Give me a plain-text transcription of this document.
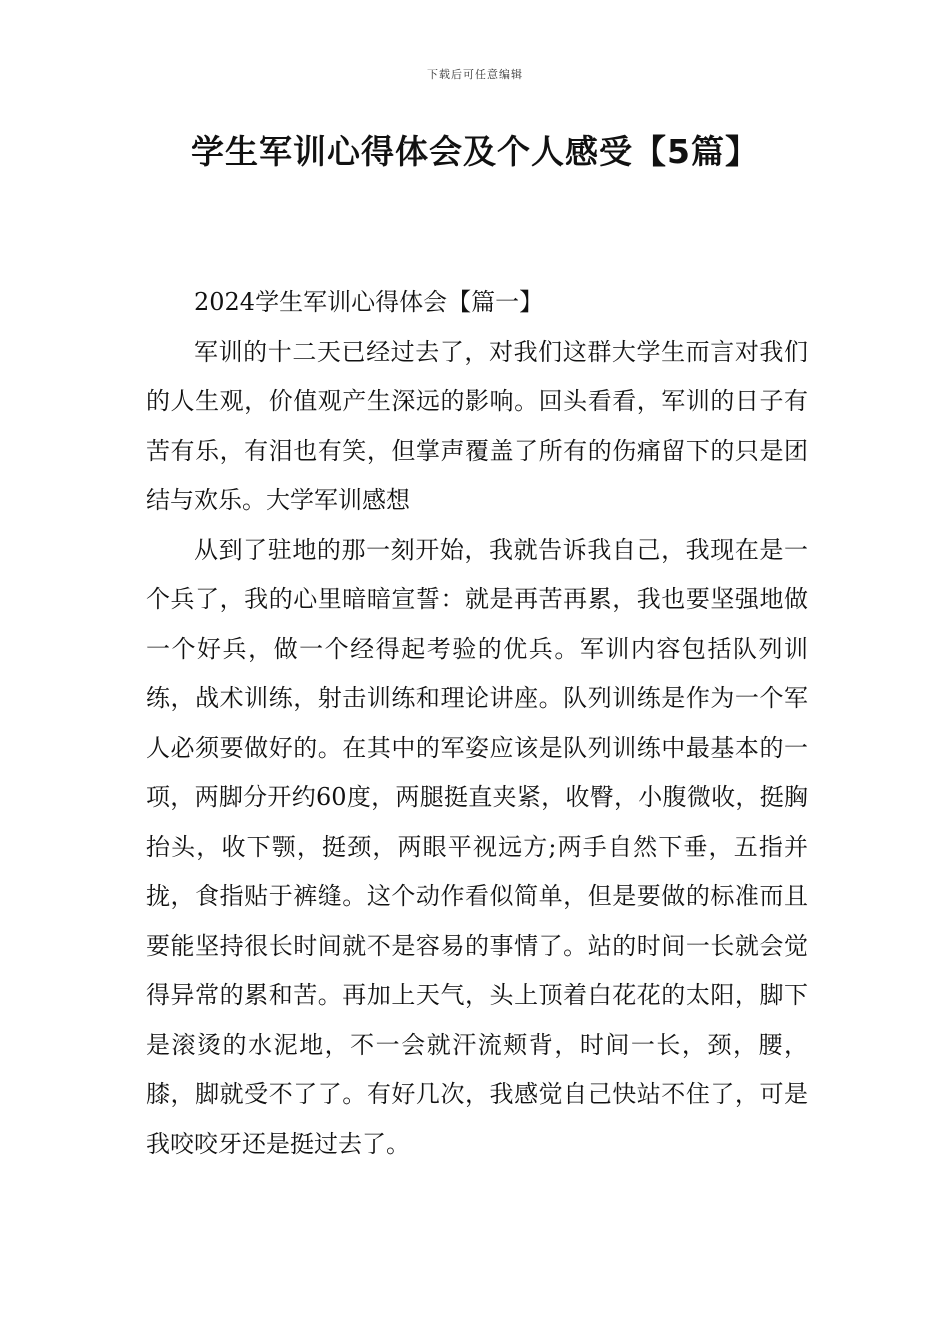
下载后可任意编辑
学生军训心得体会及个人感受【5篇】

2024学生军训心得体会【篇一】

军训的十二天已经过去了，对我们这群大学生而言对我们的人生观，价值观产生深远的影响。回头看看，军训的日子有苦有乐，有泪也有笑，但掌声覆盖了所有的伤痛留下的只是团结与欢乐。大学军训感想

从到了驻地的那一刻开始，我就告诉我自己，我现在是一个兵了，我的心里暗暗宣誓：就是再苦再累，我也要坚强地做一个好兵，做一个经得起考验的优兵。军训内容包括队列训练，战术训练，射击训练和理论讲座。队列训练是作为一个军人必须要做好的。在其中的军姿应该是队列训练中最基本的一项，两脚分开约60度，两腿挺直夹紧，收臀，小腹微收，挺胸抬头，收下颚，挺颈，两眼平视远方;两手自然下垂，五指并拢，食指贴于裤缝。这个动作看似简单，但是要做的标准而且要能坚持很长时间就不是容易的事情了。站的时间一长就会觉得异常的累和苦。再加上天气，头上顶着白花花的太阳，脚下是滚烫的水泥地，不一会就汗流颊背，时间一长，颈，腰，膝，脚就受不了了。有好几次，我感觉自己快站不住了，可是我咬咬牙还是挺过去了。
